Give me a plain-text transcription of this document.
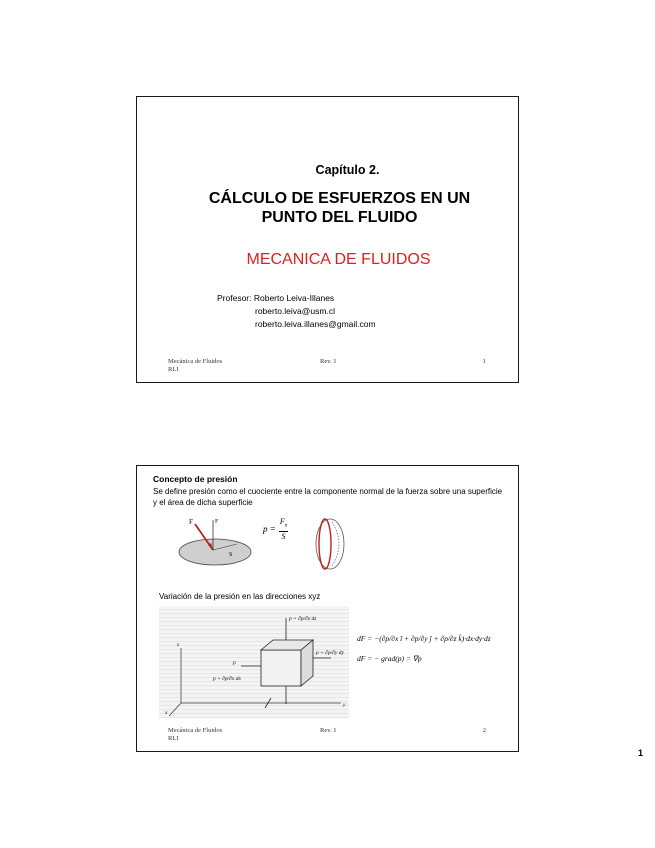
Capítulo 2.
CÁLCULO DE ESFUERZOS EN UN
PUNTO DEL FLUIDO
MECANICA DE FLUIDOS
Profesor: Roberto Leiva-Illanes
roberto.leiva@usm.cl
roberto.leiva.illanes@gmail.com
Mecánica de Fluidos
RLI
Rev. 1	1
Concepto de presión
Se define presión como el cuociente entre la componente normal de la fuerza sobre una superficie y el área de dicha superficie
F	F
S
$p = \frac{F_n}{S}$
Variación de la presión en las direcciones xyz
p + ∂p/∂z dz
p + ∂p/∂y dy
p + ∂p/∂x dx
p
x
y
z
dF = −(∂p/∂x î + ∂p/∂y ĵ + ∂p/∂z k̂)·dx·dy·dz
dF = − grad(p) = ∇p
Mecánica de Fluidos
RLI
Rev. 1	2
1
